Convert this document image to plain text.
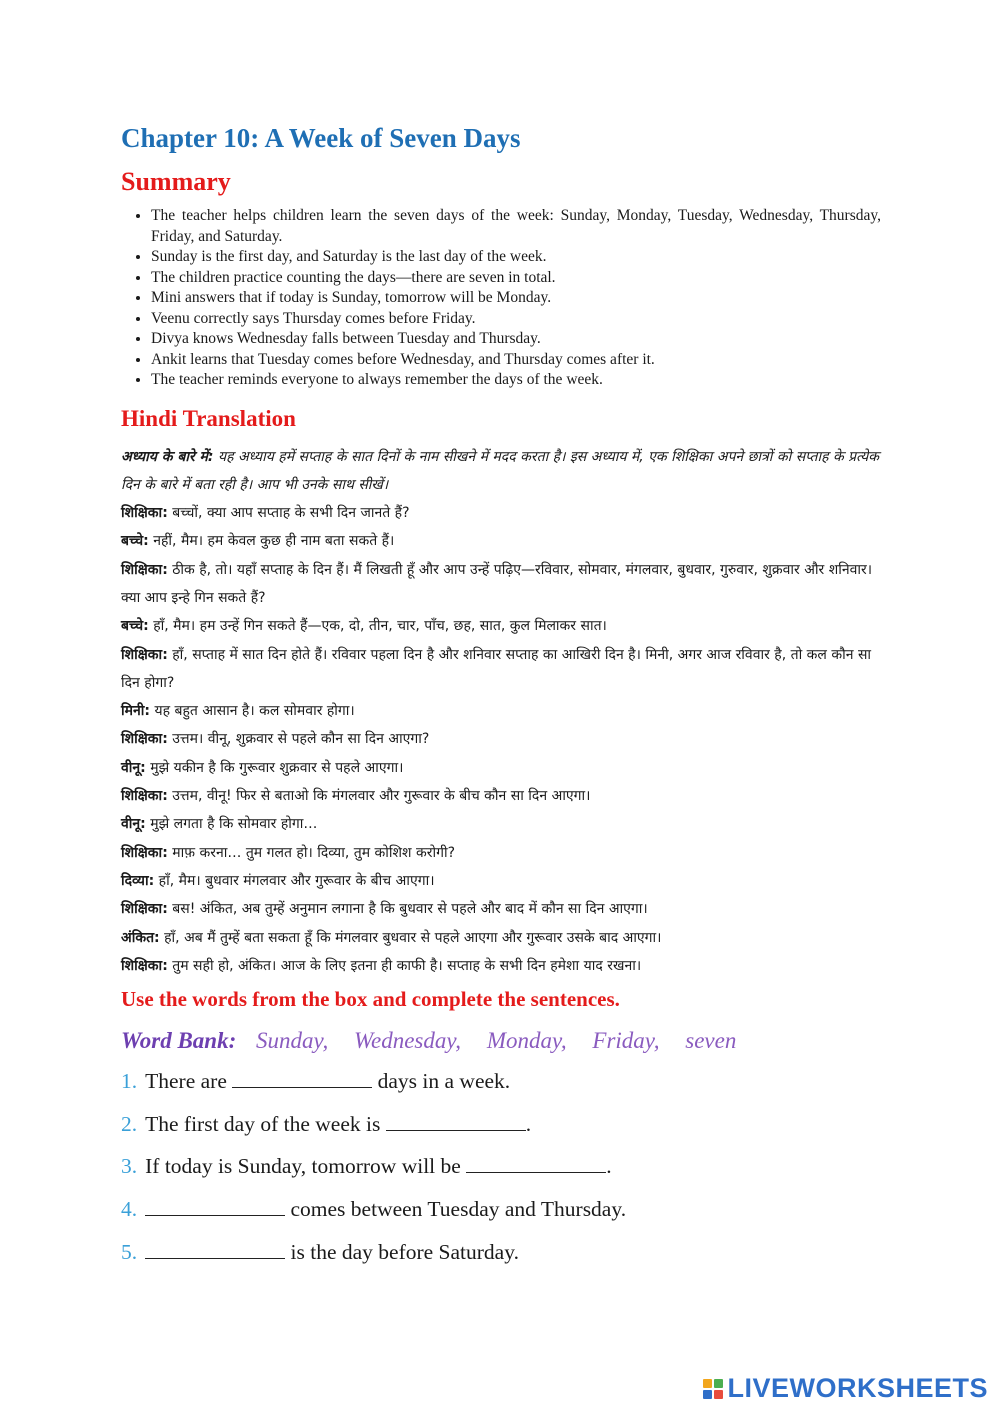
Chapter 10: A Week of Seven Days
Summary
• The teacher helps children learn the seven days of the week: Sunday, Monday, Tuesday, Wednesday, Thursday, Friday, and Saturday.
• Sunday is the first day, and Saturday is the last day of the week.
• The children practice counting the days—there are seven in total.
• Mini answers that if today is Sunday, tomorrow will be Monday.
• Veenu correctly says Thursday comes before Friday.
• Divya knows Wednesday falls between Tuesday and Thursday.
• Ankit learns that Tuesday comes before Wednesday, and Thursday comes after it.
• The teacher reminds everyone to always remember the days of the week.
Hindi Translation

अध्याय के बारे में: यह अध्याय हमें सप्ताह के सात दिनों के नाम सीखने में मदद करता है। इस अध्याय में, एक शिक्षिका अपने छात्रों को सप्ताह के प्रत्येक दिन के बारे में बता रही है। आप भी उनके साथ सीखें।

शिक्षिका: बच्चों, क्या आप सप्ताह के सभी दिन जानते हैं?

बच्चे: नहीं, मैम। हम केवल कुछ ही नाम बता सकते हैं।

शिक्षिका: ठीक है, तो। यहाँ सप्ताह के दिन हैं। मैं लिखती हूँ और आप उन्हें पढ़िए—रविवार, सोमवार, मंगलवार, बुधवार, गुरुवार, शुक्रवार और शनिवार। क्या आप इन्हे गिन सकते हैं?

बच्चे: हाँ, मैम। हम उन्हें गिन सकते हैं—एक, दो, तीन, चार, पाँच, छह, सात, कुल मिलाकर सात।

शिक्षिका: हाँ, सप्ताह में सात दिन होते हैं। रविवार पहला दिन है और शनिवार सप्ताह का आखिरी दिन है। मिनी, अगर आज रविवार है, तो कल कौन सा दिन होगा?

मिनी: यह बहुत आसान है। कल सोमवार होगा।

शिक्षिका: उत्तम। वीनू, शुक्रवार से पहले कौन सा दिन आएगा?

वीनू: मुझे यकीन है कि गुरूवार शुक्रवार से पहले आएगा।

शिक्षिका: उत्तम, वीनू! फिर से बताओ कि मंगलवार और गुरूवार के बीच कौन सा दिन आएगा।

वीनू: मुझे लगता है कि सोमवार होगा…

शिक्षिका: माफ़ करना… तुम गलत हो। दिव्या, तुम कोशिश करोगी?

दिव्या: हाँ, मैम। बुधवार मंगलवार और गुरूवार के बीच आएगा।

शिक्षिका: बस! अंकित, अब तुम्हें अनुमान लगाना है कि बुधवार से पहले और बाद में कौन सा दिन आएगा।

अंकित: हाँ, अब मैं तुम्हें बता सकता हूँ कि मंगलवार बुधवार से पहले आएगा और गुरूवार उसके बाद आएगा।

शिक्षिका: तुम सही हो, अंकित। आज के लिए इतना ही काफी है। सप्ताह के सभी दिन हमेशा याद रखना।

Use the words from the box and complete the sentences.
Word Bank: Sunday, Wednesday, Monday, Friday, seven
1. There are	days in a week.
2. The first day of the week is	.
3. If today is Sunday, tomorrow will be	.
4.	comes between Tuesday and Thursday.
5.	is the day before Saturday.
LIVEWORKSHEETS
